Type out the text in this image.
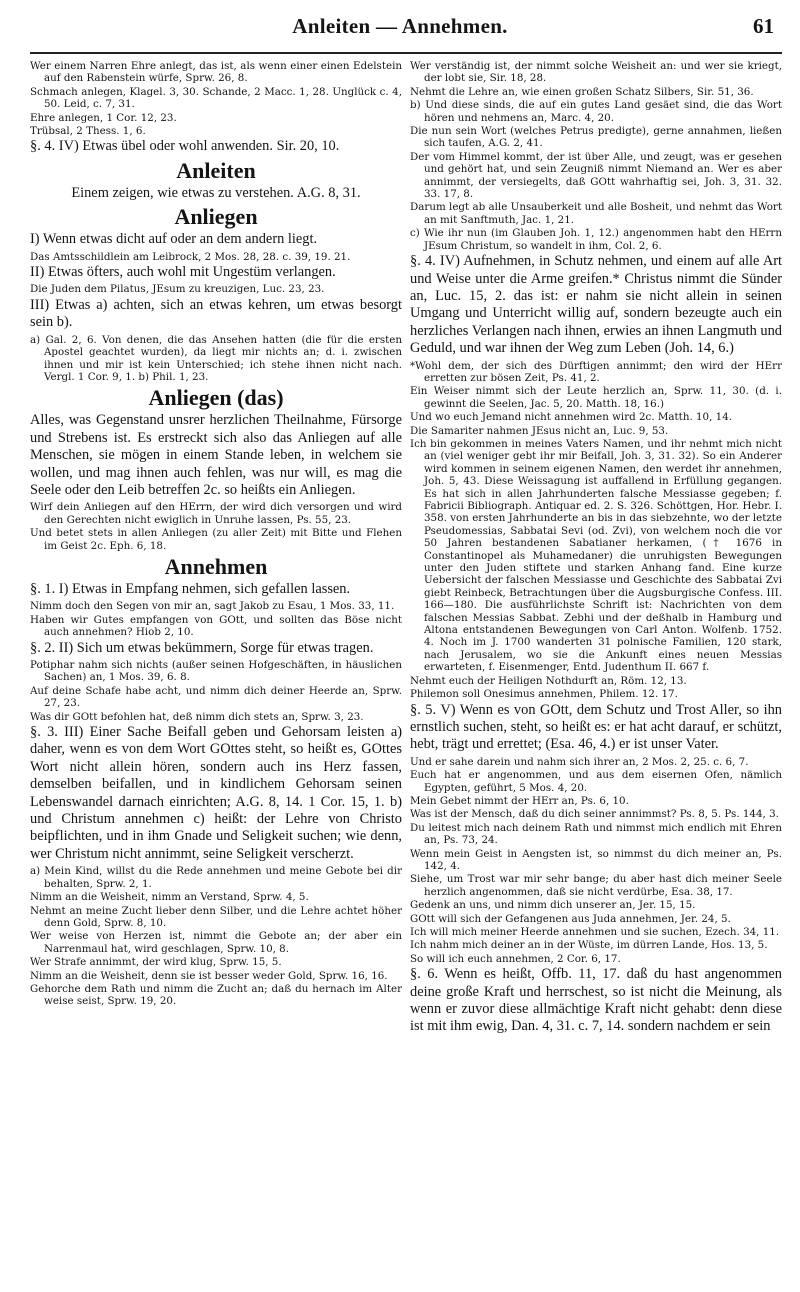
Anleiten — Annehmen.	61

Wer einem Narren Ehre anlegt, das ist, als wenn einer einen Edelstein auf den Rabenstein würfe, Sprw. 26, 8.

Schmach anlegen, Klagel. 3, 30. Schande, 2 Macc. 1, 28. Unglück c. 4, 50. Leid, c. 7, 31.

Ehre anlegen, 1 Cor. 12, 23.

Trübsal, 2 Thess. 1, 6.

§. 4. IV) Etwas übel oder wohl anwenden. Sir. 20, 10.

Anleiten

Einem zeigen, wie etwas zu verstehen. A.G. 8, 31.

Anliegen

I) Wenn etwas dicht auf oder an dem andern liegt.

Das Amtsschildlein am Leibrock, 2 Mos. 28, 28. c. 39, 19. 21.

II) Etwas öfters, auch wohl mit Ungestüm verlangen.

Die Juden dem Pilatus, JEsum zu kreuzigen, Luc. 23, 23.

III) Etwas a) achten, sich an etwas kehren, um etwas besorgt sein b).

a) Gal. 2, 6. Von denen, die das Ansehen hatten (die für die ersten Apostel geachtet wurden), da liegt mir nichts an; d. i. zwischen ihnen und mir ist kein Unterschied; ich stehe ihnen nicht nach. Vergl. 1 Cor. 9, 1. b) Phil. 1, 23.

Anliegen (das)

Alles, was Gegenstand unsrer herzlichen Theilnahme, Fürsorge und Strebens ist. Es erstreckt sich also das Anliegen auf alle Menschen, sie mögen in einem Stande leben, in welchem sie wollen, und mag ihnen auch fehlen, was nur will, es mag die Seele oder den Leib betreffen 2c. so heißts ein Anliegen.

Wirf dein Anliegen auf den HErrn, der wird dich versorgen und wird den Gerechten nicht ewiglich in Unruhe lassen, Ps. 55, 23.

Und betet stets in allen Anliegen (zu aller Zeit) mit Bitte und Flehen im Geist 2c. Eph. 6, 18.

Annehmen

§. 1. I) Etwas in Empfang nehmen, sich gefallen lassen.

Nimm doch den Segen von mir an, sagt Jakob zu Esau, 1 Mos. 33, 11.

Haben wir Gutes empfangen von GOtt, und sollten das Böse nicht auch annehmen? Hiob 2, 10.

§. 2. II) Sich um etwas bekümmern, Sorge für etwas tragen.

Potiphar nahm sich nichts (außer seinen Hofgeschäften, in häuslichen Sachen) an, 1 Mos. 39, 6. 8.

Auf deine Schafe habe acht, und nimm dich deiner Heerde an, Sprw. 27, 23.

Was dir GOtt befohlen hat, deß nimm dich stets an, Sprw. 3, 23.

§. 3. III) Einer Sache Beifall geben und Gehorsam leisten a) daher, wenn es von dem Wort GOttes steht, so heißt es, GOttes Wort nicht allein hören, sondern auch ins Herz fassen, demselben beifallen, und in kindlichem Gehorsam seinen Lebenswandel darnach einrichten; A.G. 8, 14. 1 Cor. 15, 1. b) und Christum annehmen c) heißt: der Lehre von Christo beipflichten, und in ihm Gnade und Seligkeit suchen; wie denn, wer Christum nicht annimmt, seine Seligkeit verscherzt.

a) Mein Kind, willst du die Rede annehmen und meine Gebote bei dir behalten, Sprw. 2, 1.

Nimm an die Weisheit, nimm an Verstand, Sprw. 4, 5.

Nehmt an meine Zucht lieber denn Silber, und die Lehre achtet höher denn Gold, Sprw. 8, 10.

Wer weise von Herzen ist, nimmt die Gebote an; der aber ein Narrenmaul hat, wird geschlagen, Sprw. 10, 8.

Wer Strafe annimmt, der wird klug, Sprw. 15, 5.

Nimm an die Weisheit, denn sie ist besser weder Gold, Sprw. 16, 16.

Gehorche dem Rath und nimm die Zucht an; daß du hernach im Alter weise seist, Sprw. 19, 20.

Wer verständig ist, der nimmt solche Weisheit an: und wer sie kriegt, der lobt sie, Sir. 18, 28.

Nehmt die Lehre an, wie einen großen Schatz Silbers, Sir. 51, 36.

b) Und diese sinds, die auf ein gutes Land gesäet sind, die das Wort hören und nehmens an, Marc. 4, 20.

Die nun sein Wort (welches Petrus predigte), gerne annahmen, ließen sich taufen, A.G. 2, 41.

Der vom Himmel kommt, der ist über Alle, und zeugt, was er gesehen und gehört hat, und sein Zeugniß nimmt Niemand an. Wer es aber annimmt, der versiegelts, daß GOtt wahrhaftig sei, Joh. 3, 31. 32. 33. 17, 8.

Darum legt ab alle Unsauberkeit und alle Bosheit, und nehmt das Wort an mit Sanftmuth, Jac. 1, 21.

c) Wie ihr nun (im Glauben Joh. 1, 12.) angenommen habt den HErrn JEsum Christum, so wandelt in ihm, Col. 2, 6.

§. 4. IV) Aufnehmen, in Schutz nehmen, und einem auf alle Art und Weise unter die Arme greifen.* Christus nimmt die Sünder an, Luc. 15, 2. das ist: er nahm sie nicht allein in seinen Umgang und Unterricht willig auf, sondern bezeugte auch ein herzliches Verlangen nach ihnen, erwies an ihnen Langmuth und Geduld, und war ihnen der Weg zum Leben (Joh. 14, 6.)

*Wohl dem, der sich des Dürftigen annimmt; den wird der HErr erretten zur bösen Zeit, Ps. 41, 2.

Ein Weiser nimmt sich der Leute herzlich an, Sprw. 11, 30. (d. i. gewinnt die Seelen, Jac. 5, 20. Matth. 18, 16.)

Und wo euch Jemand nicht annehmen wird 2c. Matth. 10, 14.

Die Samariter nahmen JEsus nicht an, Luc. 9, 53.

Ich bin gekommen in meines Vaters Namen, und ihr nehmt mich nicht an (viel weniger gebt ihr mir Beifall, Joh. 3, 31. 32). So ein Anderer wird kommen in seinem eigenen Namen, den werdet ihr annehmen, Joh. 5, 43. Diese Weissagung ist auffallend in Erfüllung gegangen. Es hat sich in allen Jahrhunderten falsche Messiasse gegeben; f. Fabricii Bibliograph. Antiquar ed. 2. S. 326. Schöttgen, Hor. Hebr. I. 358. von ersten Jahrhunderte an bis in das siebzehnte, wo der letzte Pseudomessias, Sabbatai Sevi (od. Zvi), von welchem noch die vor 50 Jahren bestandenen Sabatianer herkamen, († 1676 in Constantinopel als Muhamedaner) die unruhigsten Bewegungen unter den Juden stiftete und starken Anhang fand. Eine kurze Uebersicht der falschen Messiasse und Geschichte des Sabbatai Zvi giebt Reinbeck, Betrachtungen über die Augsburgische Confess. III. 166—180. Die ausführlichste Schrift ist: Nachrichten von dem falschen Messias Sabbat. Zebhi und der deßhalb in Hamburg und Altona entstandenen Bewegungen von Carl Anton. Wolfenb. 1752. 4. Noch im J. 1700 wanderten 31 polnische Familien, 120 stark, nach Jerusalem, wo sie die Ankunft eines neuen Messias erwarteten, f. Eisenmenger, Entd. Judenthum II. 667 f.

Nehmt euch der Heiligen Nothdurft an, Röm. 12, 13.

Philemon soll Onesimus annehmen, Philem. 12. 17.

§. 5. V) Wenn es von GOtt, dem Schutz und Trost Aller, so ihn ernstlich suchen, steht, so heißt es: er hat acht darauf, er schützt, hebt, trägt und errettet; (Esa. 46, 4.) er ist unser Vater.

Und er sahe darein und nahm sich ihrer an, 2 Mos. 2, 25. c. 6, 7.

Euch hat er angenommen, und aus dem eisernen Ofen, nämlich Egypten, geführt, 5 Mos. 4, 20.

Mein Gebet nimmt der HErr an, Ps. 6, 10.

Was ist der Mensch, daß du dich seiner annimmst? Ps. 8, 5. Ps. 144, 3.

Du leitest mich nach deinem Rath und nimmst mich endlich mit Ehren an, Ps. 73, 24.

Wenn mein Geist in Aengsten ist, so nimmst du dich meiner an, Ps. 142, 4.

Siehe, um Trost war mir sehr bange; du aber hast dich meiner Seele herzlich angenommen, daß sie nicht verdürbe, Esa. 38, 17.

Gedenk an uns, und nimm dich unserer an, Jer. 15, 15.

GOtt will sich der Gefangenen aus Juda annehmen, Jer. 24, 5.

Ich will mich meiner Heerde annehmen und sie suchen, Ezech. 34, 11.

Ich nahm mich deiner an in der Wüste, im dürren Lande, Hos. 13, 5.

So will ich euch annehmen, 2 Cor. 6, 17.

§. 6. Wenn es heißt, Offb. 11, 17. daß du hast angenommen deine große Kraft und herrschest, so ist nicht die Meinung, als wenn er zuvor diese allmächtige Kraft nicht gehabt: denn diese ist mit ihm ewig, Dan. 4, 31. c. 7, 14. sondern nachdem er sein
